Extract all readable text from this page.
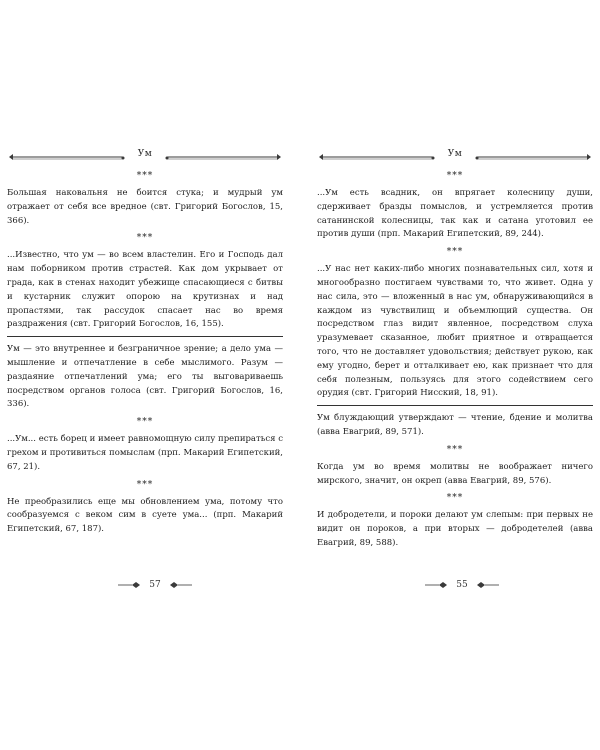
Ум
***

Большая наковальня не боится стука; и мудрый ум отражает от себя все вредное (свт. Григорий Богослов, 15, 366).

***

...Известно, что ум — во всем властелин. Его и Господь дал нам поборником против страстей. Как дом укрывает от града, как в стенах находит убежище спасающиеся с битвы и кустарник служит опорою на крутизнах и над пропастями, так рассудок спасает нас во время раздражения (свт. Григорий Богослов, 16, 155).

Ум — это внутреннее и безграничное зрение; а дело ума — мышление и отпечатление в себе мыслимого. Разум — раздаяние отпечатлений ума; его ты выговариваешь посредством органов голоса (свт. Григорий Богослов, 16, 336).

***

...Ум... есть борец и имеет равномощную силу препираться с грехом и противиться помыслам (прп. Макарий Египетский, 67, 21).

***

Не преобразились еще мы обновлением ума, потому что сообразуемся с веком сим в суете ума... (прп. Макарий Египетский, 67, 187).

57
Ум
***

...Ум есть всадник, он впрягает колесницу души, сдерживает бразды помыслов, и устремляется против сатанинской колесницы, так как и сатана уготовил ее против души (прп. Макарий Египетский, 89, 244).

***

...У нас нет каких-либо многих познавательных сил, хотя и многообразно постигаем чувствами то, что живет. Одна у нас сила, это — вложенный в нас ум, обнаруживающийся в каждом из чувствилищ и объемлющий существа. Он посредством глаз видит явленное, посредством слуха уразумевает сказанное, любит приятное и отвращается того, что не доставляет удовольствия; действует рукою, как ему угодно, берет и отталкивает ею, как признает что для себя полезным, пользуясь для этого содействием сего орудия (свт. Григорий Нисский, 18, 91).

Ум блуждающий утверждают — чтение, бдение и молитва (авва Евагрий, 89, 571).

***

Когда ум во время молитвы не воображает ничего мирского, значит, он окреп (авва Евагрий, 89, 576).

***

И добродетели, и пороки делают ум слепым: при первых не видит он пороков, а при вторых — добродетелей (авва Евагрий, 89, 588).

55
